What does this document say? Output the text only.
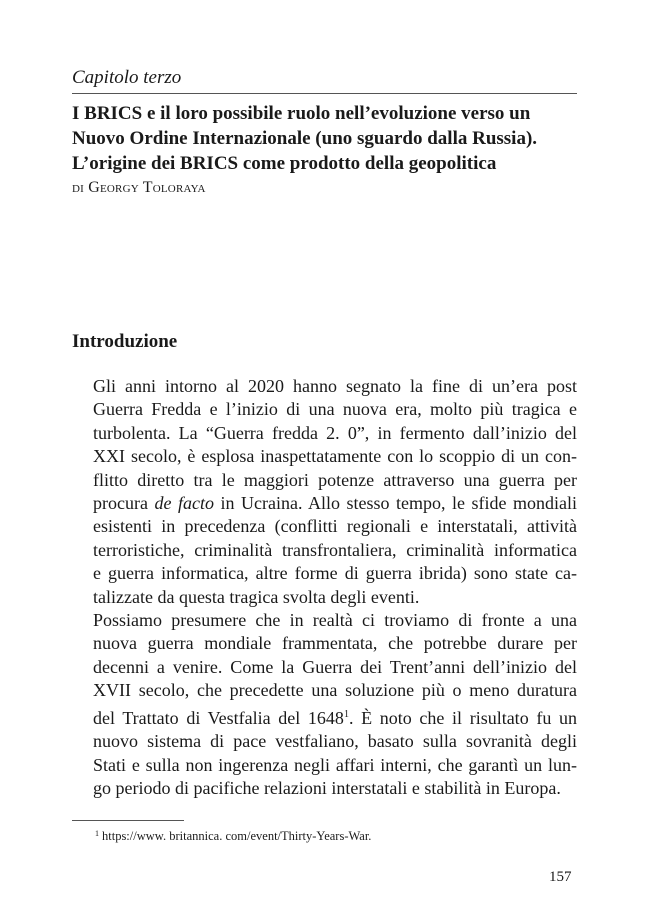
Capitolo terzo
I BRICS e il loro possibile ruolo nell’evoluzione verso un
Nuovo Ordine Internazionale (uno sguardo dalla Russia).
L’origine dei BRICS come prodotto della geopolitica
di Georgy Toloraya
Introduzione

Gli anni intorno al 2020 hanno segnato la fine di un’era post
Guerra Fredda e l’inizio di una nuova era, molto più tragica e
turbolenta. La “Guerra fredda 2. 0”, in fermento dall’inizio del
XXI secolo, è esplosa inaspettatamente con lo scoppio di un con-
flitto diretto tra le maggiori potenze attraverso una guerra per
procura de facto in Ucraina. Allo stesso tempo, le sfide mondiali
esistenti in precedenza (conflitti regionali e interstatali, attività
terroristiche, criminalità transfrontaliera, criminalità informatica
e guerra informatica, altre forme di guerra ibrida) sono state ca-
talizzate da questa tragica svolta degli eventi.

Possiamo presumere che in realtà ci troviamo di fronte a una
nuova guerra mondiale frammentata, che potrebbe durare per
decenni a venire. Come la Guerra dei Trent’anni dell’inizio del
XVII secolo, che precedette una soluzione più o meno duratura
del Trattato di Vestfalia del 1648$^1$. È noto che il risultato fu un
nuovo sistema di pace vestfaliano, basato sulla sovranità degli
Stati e sulla non ingerenza negli affari interni, che garantì un lun-
go periodo di pacifiche relazioni interstatali e stabilità in Europa.

$^1$ https://www. britannica. com/event/Thirty-Years-War.
157
